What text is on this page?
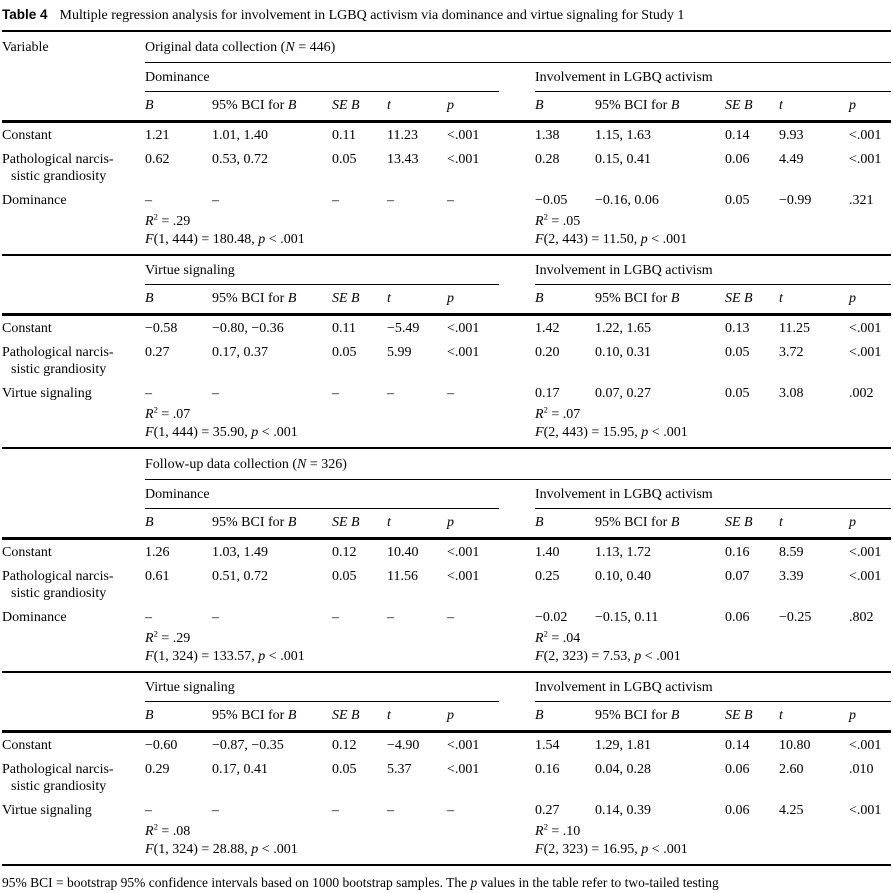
Table 4 Multiple regression analysis for involvement in LGBQ activism via dominance and virtue signaling for Study 1
Variable	Original data collection (N = 446)										
	Dominance						Involvement in LGBQ activism				
	B	95% BCI for B	SE B	t	p		B	95% BCI for B	SE B	t	p

Constant	1.21	1.01, 1.40	0.11	11.23	<.001		1.38	1.15, 1.63	0.14	9.93	<.001

Pathological narcis-
sistic grandiosity	0.62	0.53, 0.72	0.05	13.43	<.001		0.28	0.15, 0.41	0.06	4.49	<.001

Dominance	–	–	–	–	–		−0.05	−0.16, 0.06	0.05	−0.99	.321
	$R^2 = .29$						$R^2 = .05$				
	F(1, 444) = 180.48, p < .001						F(2, 443) = 11.50, p < .001				
	Virtue signaling						Involvement in LGBQ activism				
	B	95% BCI for B	SE B	t	p		B	95% BCI for B	SE B	t	p

Constant	−0.58	−0.80, −0.36	0.11	−5.49	<.001		1.42	1.22, 1.65	0.13	11.25	<.001

Pathological narcis-
sistic grandiosity	0.27	0.17, 0.37	0.05	5.99	<.001		0.20	0.10, 0.31	0.05	3.72	<.001

Virtue signaling	–	–	–	–	–		0.17	0.07, 0.27	0.05	3.08	.002
	$R^2 = .07$						$R^2 = .07$				
	F(1, 444) = 35.90, p < .001						F(2, 443) = 15.95, p < .001				
	Follow-up data collection (N = 326)										
	Dominance						Involvement in LGBQ activism				
	B	95% BCI for B	SE B	t	p		B	95% BCI for B	SE B	t	p

Constant	1.26	1.03, 1.49	0.12	10.40	<.001		1.40	1.13, 1.72	0.16	8.59	<.001

Pathological narcis-
sistic grandiosity	0.61	0.51, 0.72	0.05	11.56	<.001		0.25	0.10, 0.40	0.07	3.39	<.001

Dominance	–	–	–	–	–		−0.02	−0.15, 0.11	0.06	−0.25	.802
	$R^2 = .29$						$R^2 = .04$				
	F(1, 324) = 133.57, p < .001						F(2, 323) = 7.53, p < .001				
	Virtue signaling						Involvement in LGBQ activism				
	B	95% BCI for B	SE B	t	p		B	95% BCI for B	SE B	t	p

Constant	−0.60	−0.87, −0.35	0.12	−4.90	<.001		1.54	1.29, 1.81	0.14	10.80	<.001

Pathological narcis-
sistic grandiosity	0.29	0.17, 0.41	0.05	5.37	<.001		0.16	0.04, 0.28	0.06	2.60	.010

Virtue signaling	–	–	–	–	–		0.27	0.14, 0.39	0.06	4.25	<.001
	$R^2 = .08$						$R^2 = .10$				
	F(1, 324) = 28.88, p < .001						F(2, 323) = 16.95, p < .001				
95% BCI = bootstrap 95% confidence intervals based on 1000 bootstrap samples. The p values in the table refer to two-tailed testing
